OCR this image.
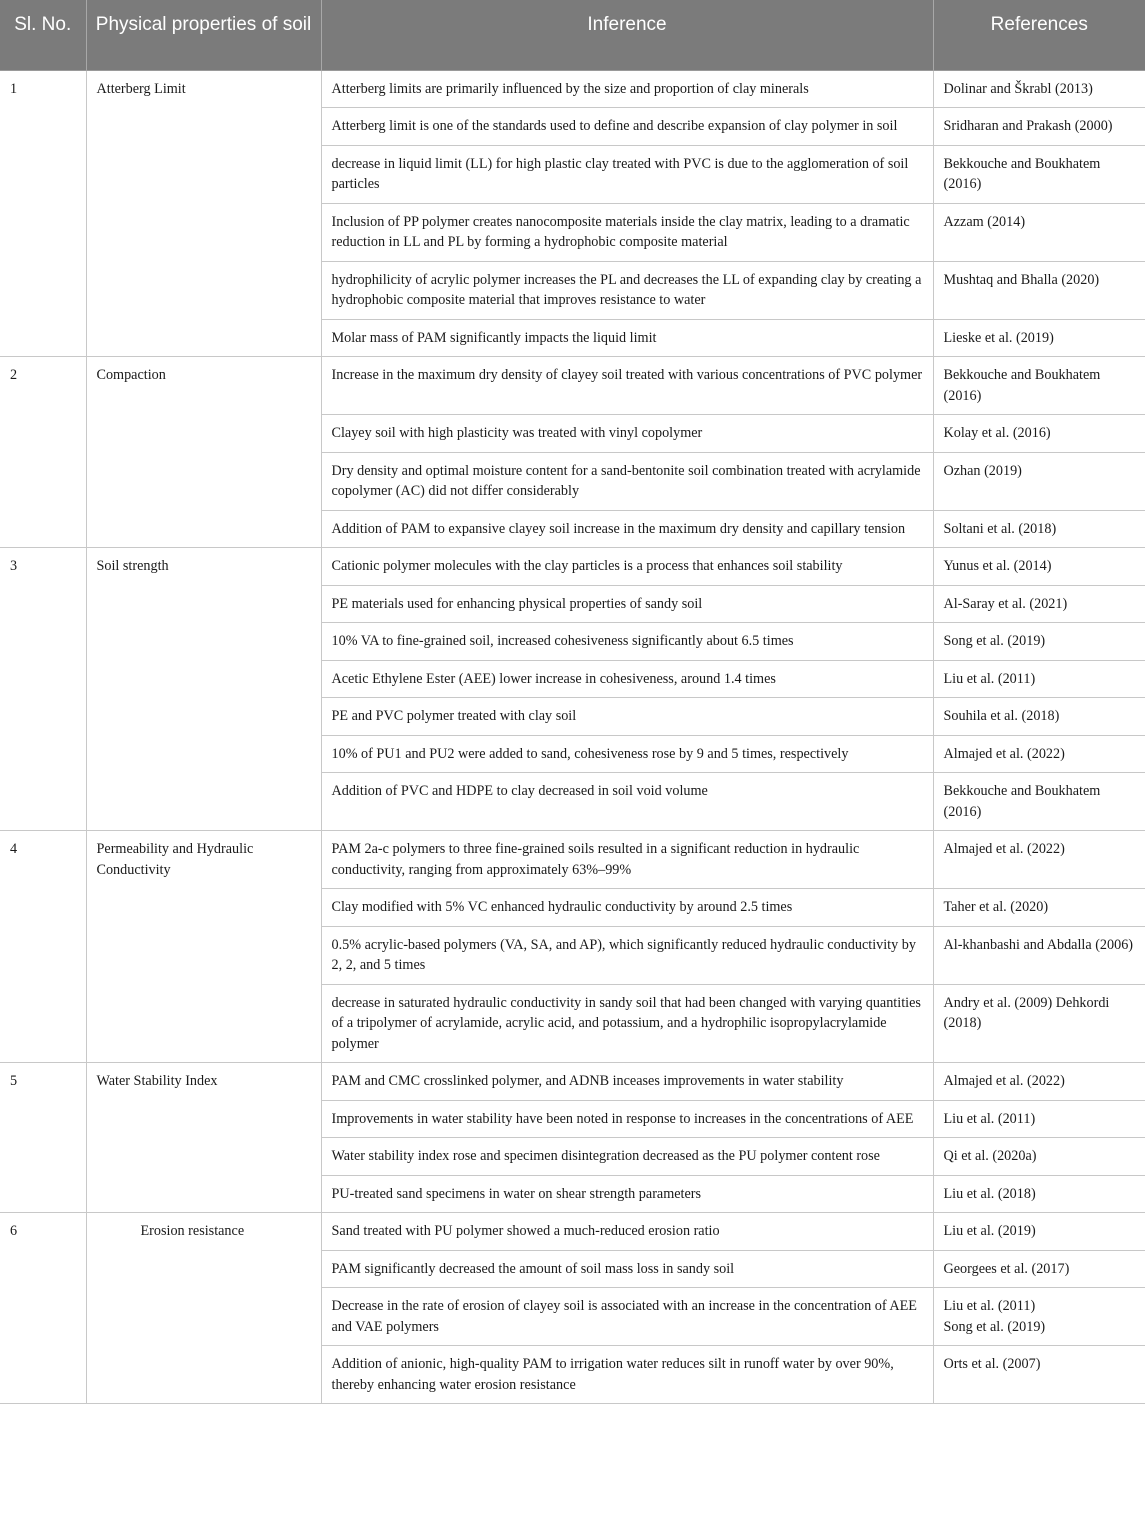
Sl. No.	Physical properties of soil	Inference	References
1	Atterberg Limit	Atterberg limits are primarily influenced by the size and proportion of clay minerals	Dolinar and Škrabl (2013)

		Atterberg limit is one of the standards used to define and describe expansion of clay polymer in soil	Sridharan and Prakash (2000)

		decrease in liquid limit (LL) for high plastic clay treated with PVC is due to the agglomeration of soil particles	Bekkouche and Boukhatem (2016)

		Inclusion of PP polymer creates nanocomposite materials inside the clay matrix, leading to a dramatic reduction in LL and PL by forming a hydrophobic composite material	Azzam (2014)

		hydrophilicity of acrylic polymer increases the PL and decreases the LL of expanding clay by creating a hydrophobic composite material that improves resistance to water	Mushtaq and Bhalla (2020)

		Molar mass of PAM significantly impacts the liquid limit	Lieske et al. (2019)

2	Compaction	Increase in the maximum dry density of clayey soil treated with various concentrations of PVC polymer	Bekkouche and Boukhatem (2016)

		Clayey soil with high plasticity was treated with vinyl copolymer	Kolay et al. (2016)

		Dry density and optimal moisture content for a sand-bentonite soil combination treated with acrylamide copolymer (AC) did not differ considerably	Ozhan (2019)

		Addition of PAM to expansive clayey soil increase in the maximum dry density and capillary tension	Soltani et al. (2018)

3	Soil strength	Cationic polymer molecules with the clay particles is a process that enhances soil stability	Yunus et al. (2014)

		PE materials used for enhancing physical properties of sandy soil	Al-Saray et al. (2021)

		10% VA to fine-grained soil, increased cohesiveness significantly about 6.5 times	Song et al. (2019)

		Acetic Ethylene Ester (AEE) lower increase in cohesiveness, around 1.4 times	Liu et al. (2011)

		PE and PVC polymer treated with clay soil	Souhila et al. (2018)

		10% of PU1 and PU2 were added to sand, cohesiveness rose by 9 and 5 times, respectively	Almajed et al. (2022)

		Addition of PVC and HDPE to clay decreased in soil void volume	Bekkouche and Boukhatem (2016)

4	Permeability and Hydraulic Conductivity	PAM 2a-c polymers to three fine-grained soils resulted in a significant reduction in hydraulic conductivity, ranging from approximately 63%–99%	Almajed et al. (2022)

		Clay modified with 5% VC enhanced hydraulic conductivity by around 2.5 times	Taher et al. (2020)

		0.5% acrylic-based polymers (VA, SA, and AP), which significantly reduced hydraulic conductivity by 2, 2, and 5 times	Al-khanbashi and Abdalla (2006)

		decrease in saturated hydraulic conductivity in sandy soil that had been changed with varying quantities of a tripolymer of acrylamide, acrylic acid, and potassium, and a hydrophilic isopropylacrylamide polymer	Andry et al. (2009) Dehkordi (2018)

5	Water Stability Index	PAM and CMC crosslinked polymer, and ADNB inceases improvements in water stability	Almajed et al. (2022)

		Improvements in water stability have been noted in response to increases in the concentrations of AEE	Liu et al. (2011)

		Water stability index rose and specimen disintegration decreased as the PU polymer content rose	Qi et al. (2020a)

		PU-treated sand specimens in water on shear strength parameters	Liu et al. (2018)

6	Erosion resistance	Sand treated with PU polymer showed a much-reduced erosion ratio	Liu et al. (2019)

		PAM significantly decreased the amount of soil mass loss in sandy soil	Georgees et al. (2017)

		Decrease in the rate of erosion of clayey soil is associated with an increase in the concentration of AEE and VAE polymers	Liu et al. (2011)
Song et al. (2019)

		Addition of anionic, high-quality PAM to irrigation water reduces silt in runoff water by over 90%, thereby enhancing water erosion resistance	Orts et al. (2007)
